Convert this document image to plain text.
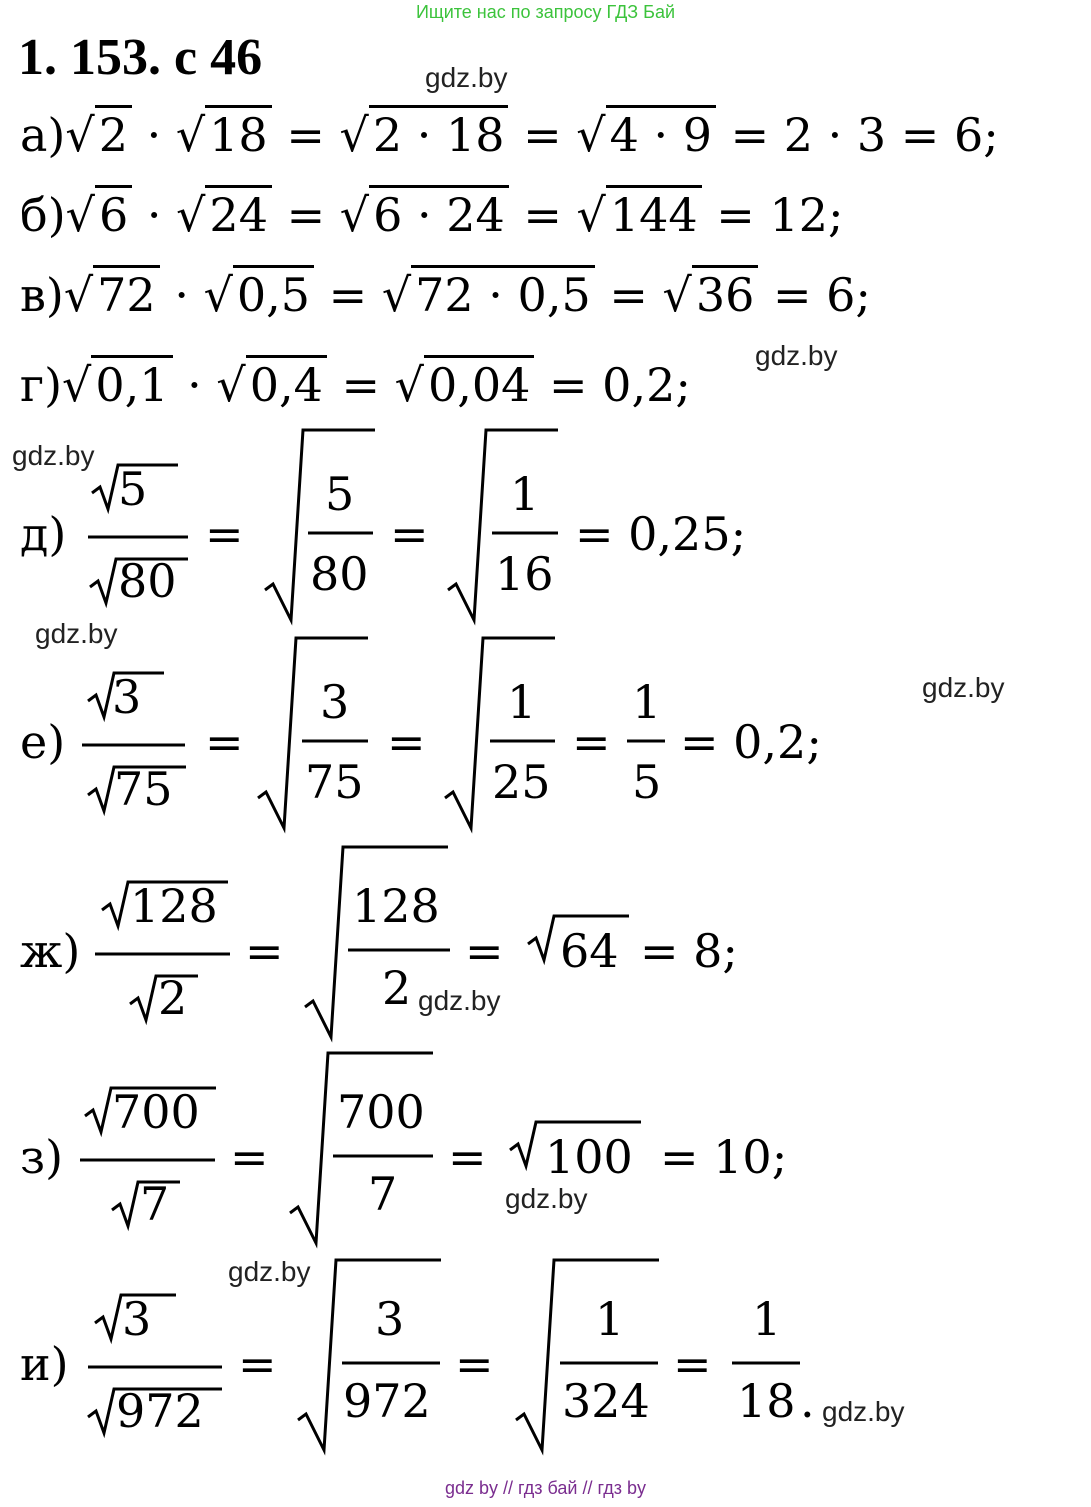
Ищите нас по запросу ГДЗ Бай
1. 153. с 46	gdz.by
gdz.by
gdz.by
gdz.by
gdz.by
gdz.by
gdz.by
gdz.by
gdz.by
а)√2 · √18 = √2 · 18 = √4 · 9 = 2 · 3 = 6;
б)√6 · √24 = √6 · 24 = √144 = 12;
в)√72 · √0,5 = √72 · 0,5 = √36 = 6;
г)√0,1 · √0,4 = √0,04 = 0,2;
д)
5
80
=
5
80
=
1
16
= 0,25;
е)
3
75
=
3
75
=
1
25
=
1
5
= 0,2;
ж)
128
2
=
128
2
= 64 = 8;
з)
700
7
=
700
7
= 100 = 10;
и)
3
972
=
3
972
=
1
324
=
1
18 .
gdz by // гдз бай // гдз by
